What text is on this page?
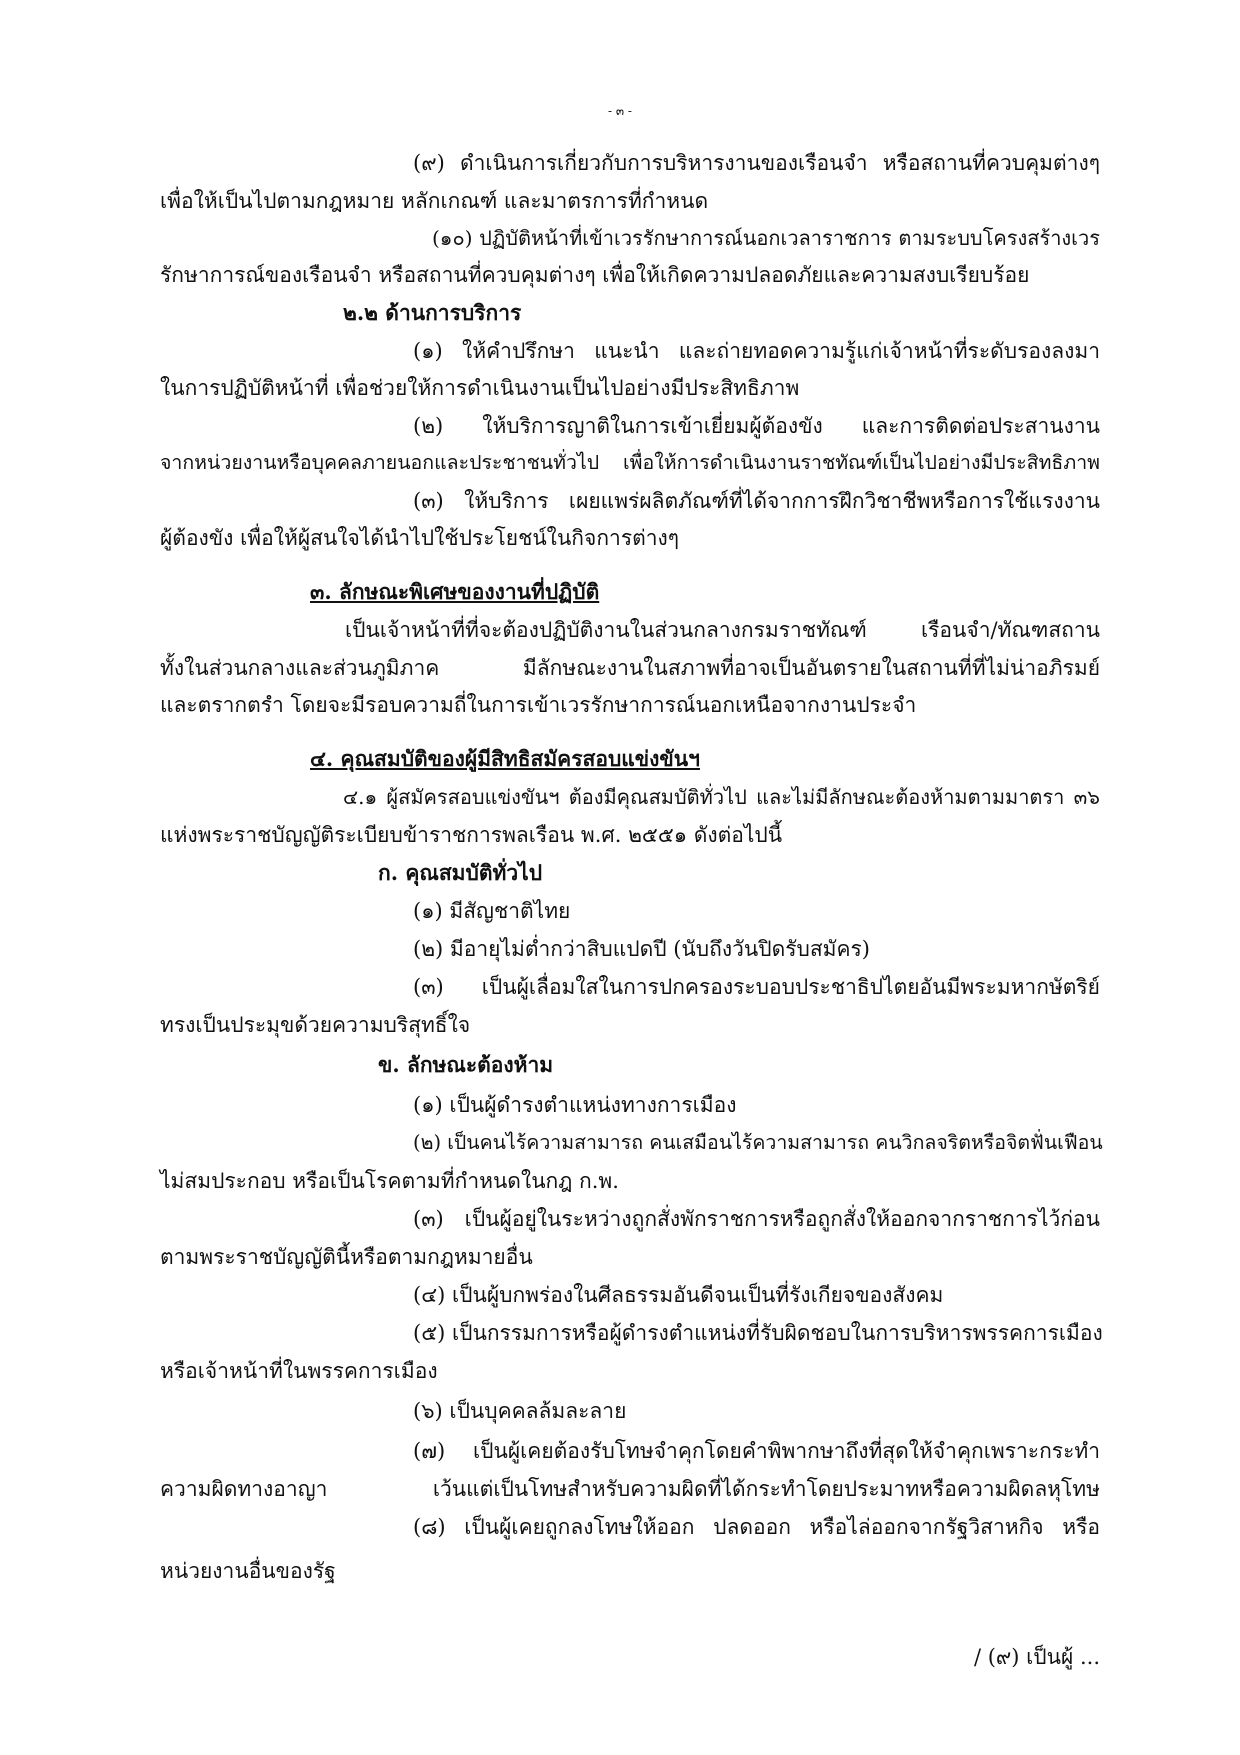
- ๓ -

(๙) ดำเนินการเกี่ยวกับการบริหารงานของเรือนจำ หรือสถานที่ควบคุมต่างๆ

เพื่อให้เป็นไปตามกฎหมาย หลักเกณฑ์ และมาตรการที่กำหนด

(๑๐) ปฏิบัติหน้าที่เข้าเวรรักษาการณ์นอกเวลาราชการ ตามระบบโครงสร้างเวร

รักษาการณ์ของเรือนจำ หรือสถานที่ควบคุมต่างๆ เพื่อให้เกิดความปลอดภัยและความสงบเรียบร้อย

๒.๒ ด้านการบริการ

(๑) ให้คำปรึกษา แนะนำ และถ่ายทอดความรู้แก่เจ้าหน้าที่ระดับรองลงมา

ในการปฏิบัติหน้าที่ เพื่อช่วยให้การดำเนินงานเป็นไปอย่างมีประสิทธิภาพ

(๒) ให้บริการญาติในการเข้าเยี่ยมผู้ต้องขัง และการติดต่อประสานงาน

จากหน่วยงานหรือบุคคลภายนอกและประชาชนทั่วไป เพื่อให้การดำเนินงานราชทัณฑ์เป็นไปอย่างมีประสิทธิภาพ

(๓) ให้บริการ เผยแพร่ผลิตภัณฑ์ที่ได้จากการฝึกวิชาชีพหรือการใช้แรงงาน

ผู้ต้องขัง เพื่อให้ผู้สนใจได้นำไปใช้ประโยชน์ในกิจการต่างๆ

๓. ลักษณะพิเศษของงานที่ปฏิบัติ

เป็นเจ้าหน้าที่ที่จะต้องปฏิบัติงานในส่วนกลางกรมราชทัณฑ์ เรือนจำ/ทัณฑสถาน

ทั้งในส่วนกลางและส่วนภูมิภาค มีลักษณะงานในสภาพที่อาจเป็นอันตรายในสถานที่ที่ไม่น่าอภิรมย์

และตรากตรำ โดยจะมีรอบความถี่ในการเข้าเวรรักษาการณ์นอกเหนือจากงานประจำ

๔. คุณสมบัติของผู้มีสิทธิสมัครสอบแข่งขันฯ

๔.๑ ผู้สมัครสอบแข่งขันฯ ต้องมีคุณสมบัติทั่วไป และไม่มีลักษณะต้องห้ามตามมาตรา ๓๖

แห่งพระราชบัญญัติระเบียบข้าราชการพลเรือน พ.ศ. ๒๕๕๑ ดังต่อไปนี้

ก. คุณสมบัติทั่วไป

(๑) มีสัญชาติไทย

(๒) มีอายุไม่ต่ำกว่าสิบแปดปี (นับถึงวันปิดรับสมัคร)

(๓) เป็นผู้เลื่อมใสในการปกครองระบอบประชาธิปไตยอันมีพระมหากษัตริย์

ทรงเป็นประมุขด้วยความบริสุทธิ์ใจ

ข. ลักษณะต้องห้าม

(๑) เป็นผู้ดำรงตำแหน่งทางการเมือง

(๒) เป็นคนไร้ความสามารถ คนเสมือนไร้ความสามารถ คนวิกลจริตหรือจิตฟั่นเฟือน

ไม่สมประกอบ หรือเป็นโรคตามที่กำหนดในกฎ ก.พ.

(๓) เป็นผู้อยู่ในระหว่างถูกสั่งพักราชการหรือถูกสั่งให้ออกจากราชการไว้ก่อน

ตามพระราชบัญญัตินี้หรือตามกฎหมายอื่น

(๔) เป็นผู้บกพร่องในศีลธรรมอันดีจนเป็นที่รังเกียจของสังคม

(๕) เป็นกรรมการหรือผู้ดำรงตำแหน่งที่รับผิดชอบในการบริหารพรรคการเมือง

หรือเจ้าหน้าที่ในพรรคการเมือง

(๖) เป็นบุคคลล้มละลาย

(๗) เป็นผู้เคยต้องรับโทษจำคุกโดยคำพิพากษาถึงที่สุดให้จำคุกเพราะกระทำ

ความผิดทางอาญา เว้นแต่เป็นโทษสำหรับความผิดที่ได้กระทำโดยประมาทหรือความผิดลหุโทษ

(๘) เป็นผู้เคยถูกลงโทษให้ออก ปลดออก หรือไล่ออกจากรัฐวิสาหกิจ หรือ

หน่วยงานอื่นของรัฐ

/ (๙) เป็นผู้ ...
